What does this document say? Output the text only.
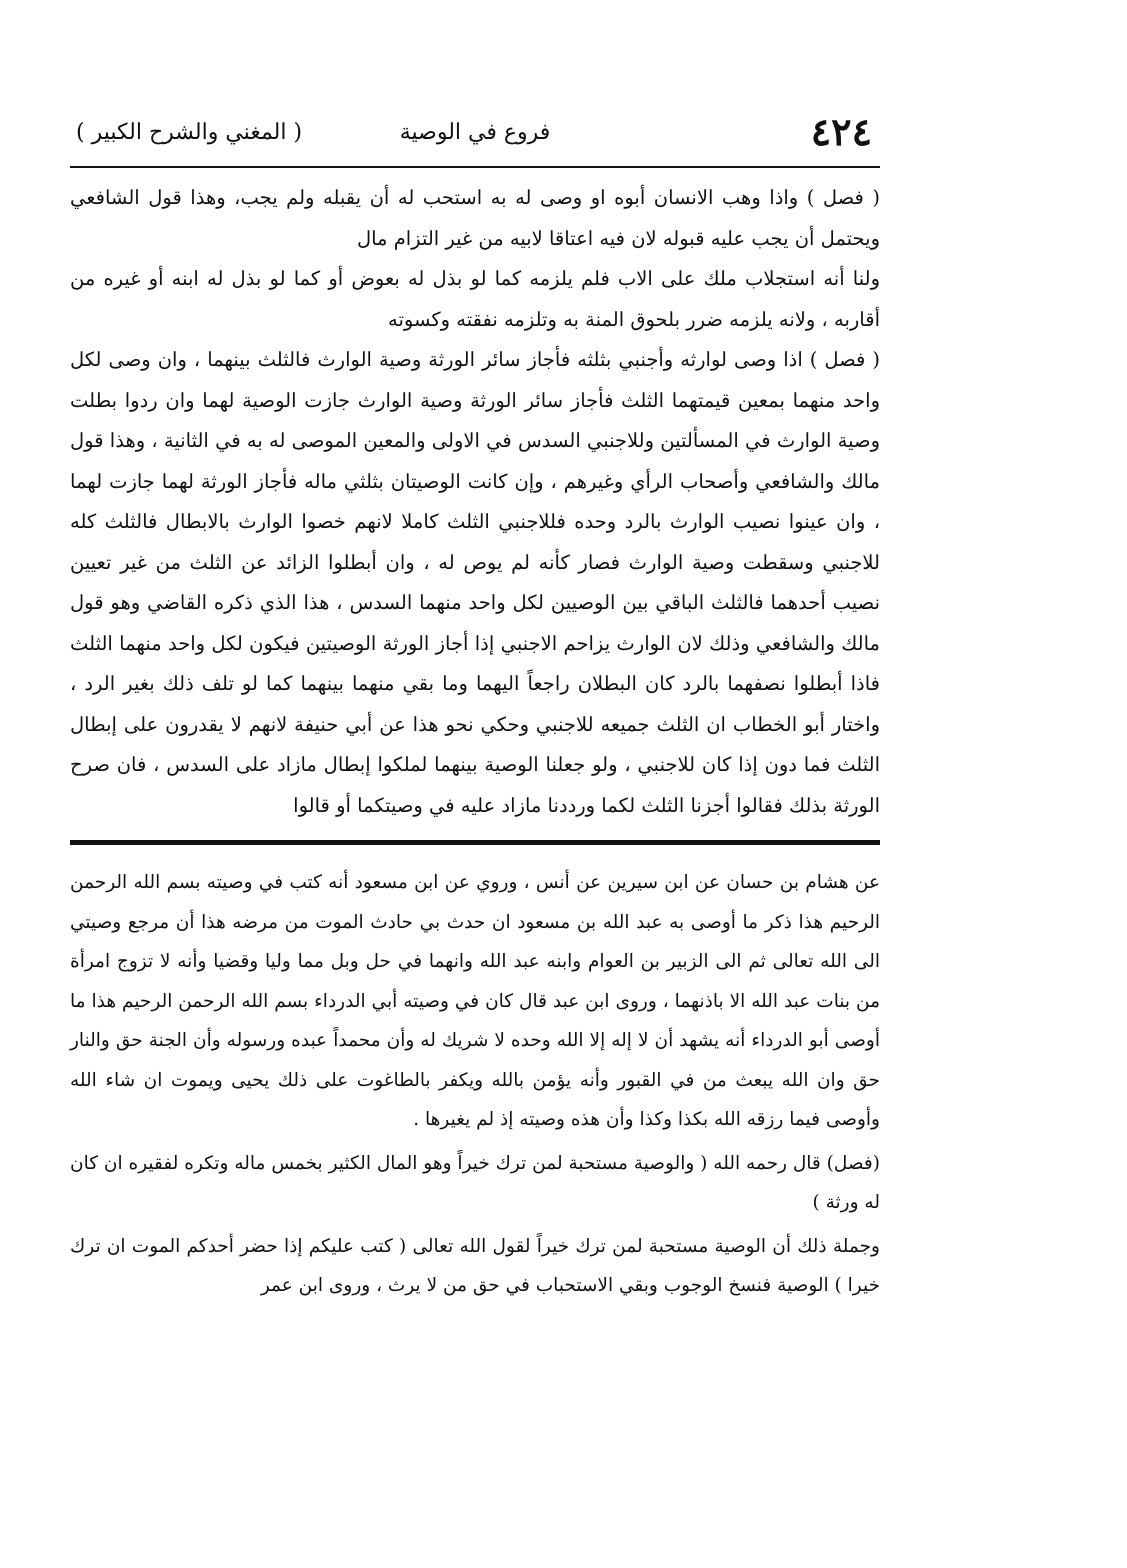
٤٢٤
فروع في الوصية
( المغني والشرح الكبير )

( فصل ) واذا وهب الانسان أبوه او وصى له به استحب له أن يقبله ولم يجب، وهذا قول الشافعي ويحتمل أن يجب عليه قبوله لان فيه اعتاقا لابيه من غير التزام مال

ولنا أنه استجلاب ملك على الاب فلم يلزمه كما لو بذل له بعوض أو كما لو بذل له ابنه أو غيره من أقاربه ، ولانه يلزمه ضرر بلحوق المنة به وتلزمه نفقته وكسوته

( فصل ) اذا وصى لوارثه وأجنبي بثلثه فأجاز سائر الورثة وصية الوارث فالثلث بينهما ، وان وصى لكل واحد منهما بمعين قيمتهما الثلث فأجاز سائر الورثة وصية الوارث جازت الوصية لهما وان ردوا بطلت وصية الوارث في المسألتين وللاجنبي السدس في الاولى والمعين الموصى له به في الثانية ، وهذا قول مالك والشافعي وأصحاب الرأي وغيرهم ، وإن كانت الوصيتان بثلثي ماله فأجاز الورثة لهما جازت لهما ، وان عينوا نصيب الوارث بالرد وحده فللاجنبي الثلث كاملا لانهم خصوا الوارث بالابطال فالثلث كله للاجنبي وسقطت وصية الوارث فصار كأنه لم يوص له ، وان أبطلوا الزائد عن الثلث من غير تعيين نصيب أحدهما فالثلث الباقي بين الوصيين لكل واحد منهما السدس ، هذا الذي ذكره القاضي وهو قول مالك والشافعي وذلك لان الوارث يزاحم الاجنبي إذا أجاز الورثة الوصيتين فيكون لكل واحد منهما الثلث فاذا أبطلوا نصفهما بالرد كان البطلان راجعاً اليهما وما بقي منهما بينهما كما لو تلف ذلك بغير الرد ، واختار أبو الخطاب ان الثلث جميعه للاجنبي وحكي نحو هذا عن أبي حنيفة لانهم لا يقدرون على إبطال الثلث فما دون إذا كان للاجنبي ، ولو جعلنا الوصية بينهما لملكوا إبطال مازاد على السدس ، فان صرح الورثة بذلك فقالوا أجزنا الثلث لكما ورددنا مازاد عليه في وصيتكما أو قالوا

عن هشام بن حسان عن ابن سيرين عن أنس ، وروي عن ابن مسعود أنه كتب في وصيته بسم الله الرحمن الرحيم هذا ذكر ما أوصى به عبد الله بن مسعود ان حدث بي حادث الموت من مرضه هذا أن مرجع وصيتي الى الله تعالى ثم الى الزبير بن العوام وابنه عبد الله وانهما في حل وبل مما وليا وقضيا وأنه لا تزوج امرأة من بنات عبد الله الا باذنهما ، وروى ابن عبد قال كان في وصيته أبي الدرداء بسم الله الرحمن الرحيم هذا ما أوصى أبو الدرداء أنه يشهد أن لا إله إلا الله وحده لا شريك له وأن محمداً عبده ورسوله وأن الجنة حق والنار حق وان الله يبعث من في القبور وأنه يؤمن بالله ويكفر بالطاغوت على ذلك يحيى ويموت ان شاء الله وأوصى فيما رزقه الله بكذا وكذا وأن هذه وصيته إذ لم يغيرها .

(فصل) قال رحمه الله ( والوصية مستحبة لمن ترك خيراً وهو المال الكثير بخمس ماله وتكره لفقيره ان كان له ورثة )

وجملة ذلك أن الوصية مستحبة لمن ترك خيراً لقول الله تعالى ( كتب عليكم إذا حضر أحدكم الموت ان ترك خيرا ) الوصية فنسخ الوجوب وبقي الاستحباب في حق من لا يرث ، وروى ابن عمر
